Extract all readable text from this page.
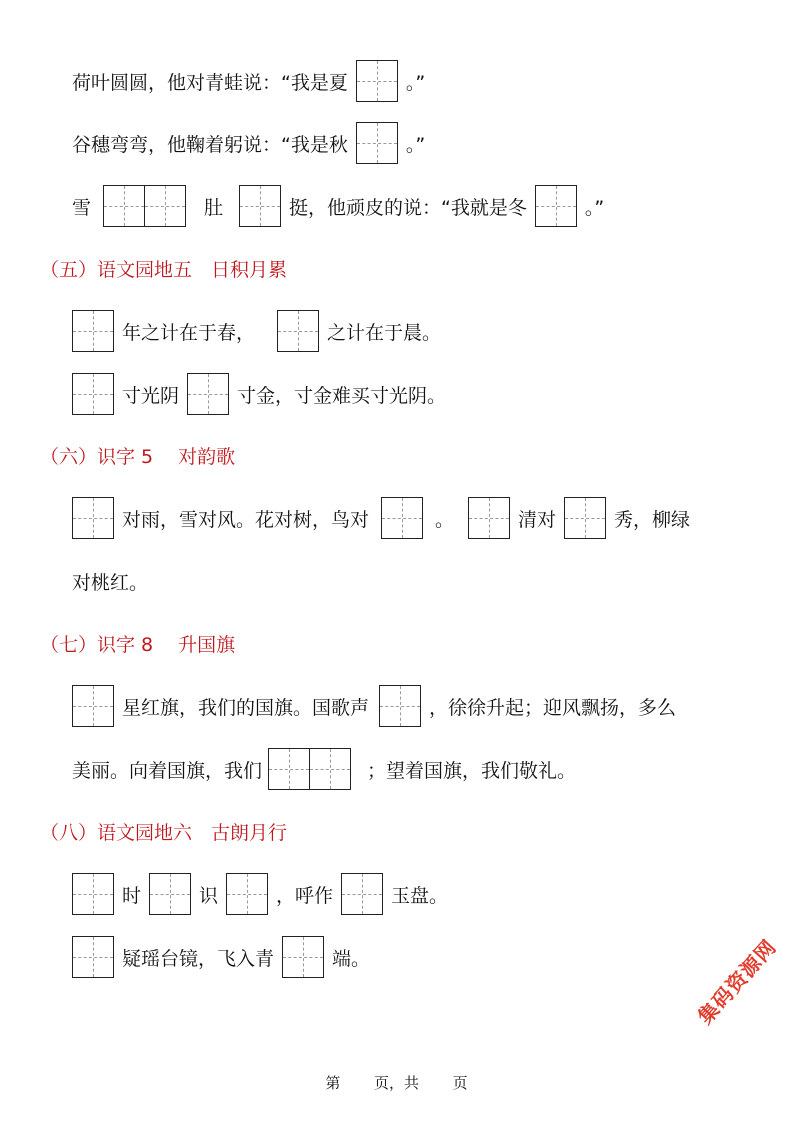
荷叶圆圆，他对青蛙说：“我是夏	。”
谷穗弯弯，他鞠着躬说：“我是秋	。”
雪	肚	挺，他顽皮的说：“我就是冬	。”
（五）语文园地五　日积月累
年之计在于春，	之计在于晨。
寸光阴	寸金，寸金难买寸光阴。
（六）识字 5　 对韵歌
对雨，雪对风。花对树，鸟对	。	清对	秀，柳绿
对桃红。
（七）识字 8　 升国旗
星红旗，我们的国旗。国歌声	，徐徐升起；迎风飘扬，多么
美丽。向着国旗，我们	；望着国旗，我们敬礼。
（八）语文园地六　古朗月行
时	识	，呼作	玉盘。
疑瑶台镜，飞入青	端。	集码资源网
第 页，共 页
